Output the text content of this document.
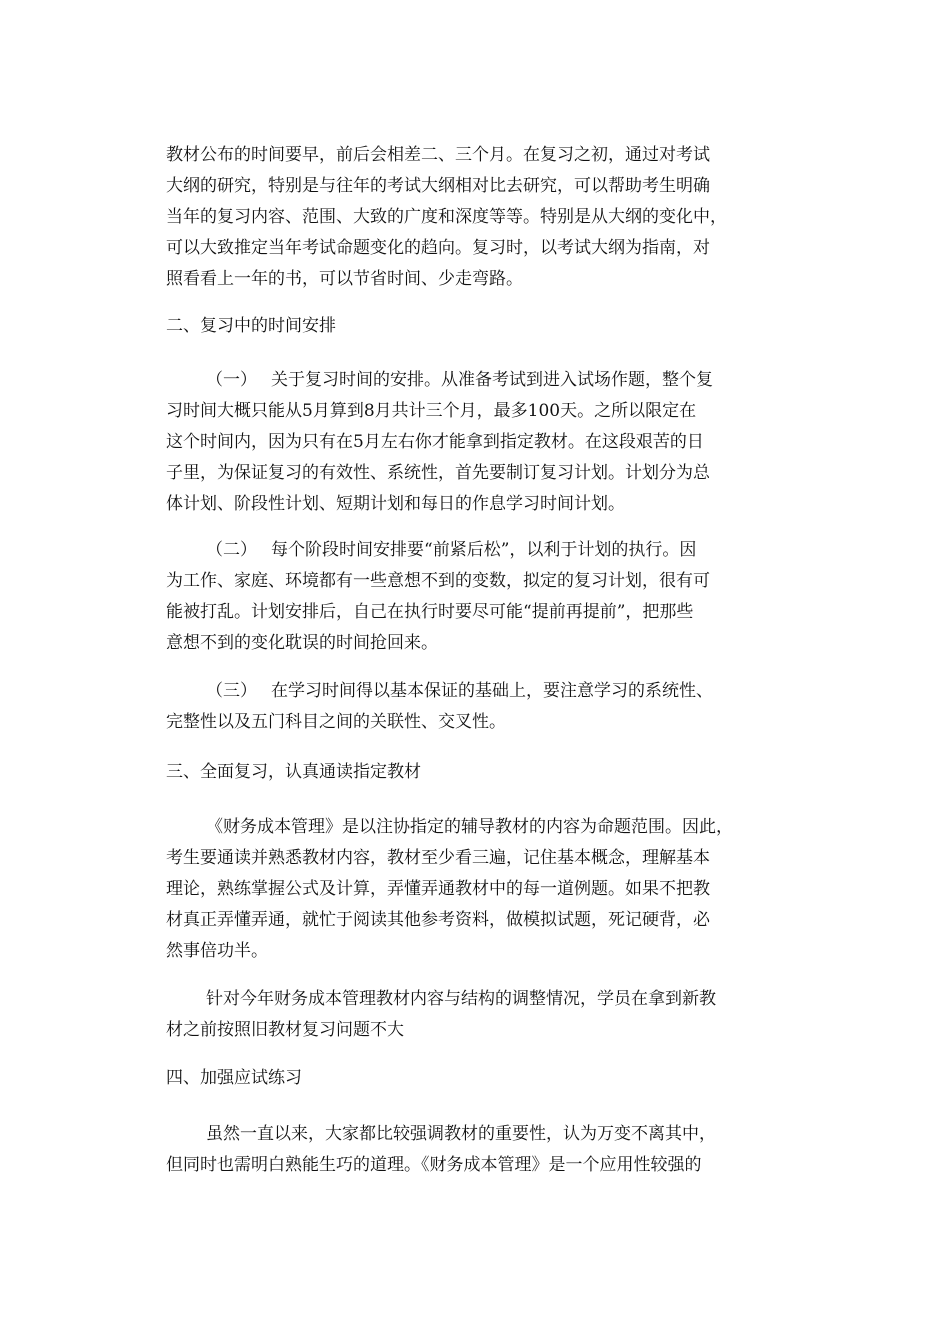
教材公布的时间要早，前后会相差二、三个月。在复习之初，通过对考试
大纲的研究，特别是与往年的考试大纲相对比去研究，可以帮助考生明确
当年的复习内容、范围、大致的广度和深度等等。特别是从大纲的变化中，
可以大致推定当年考试命题变化的趋向。复习时，以考试大纲为指南，对
照看看上一年的书，可以节省时间、少走弯路。
二、复习中的时间安排
（一） 关于复习时间的安排。从准备考试到进入试场作题，整个复
习时间大概只能从5月算到8月共计三个月，最多100天。之所以限定在
这个时间内，因为只有在5月左右你才能拿到指定教材。在这段艰苦的日
子里，为保证复习的有效性、系统性，首先要制订复习计划。计划分为总
体计划、阶段性计划、短期计划和每日的作息学习时间计划。
（二） 每个阶段时间安排要“前紧后松”，以利于计划的执行。因
为工作、家庭、环境都有一些意想不到的变数，拟定的复习计划，很有可
能被打乱。计划安排后，自己在执行时要尽可能“提前再提前”，把那些
意想不到的变化耽误的时间抢回来。
（三） 在学习时间得以基本保证的基础上，要注意学习的系统性、
完整性以及五门科目之间的关联性、交叉性。
三、全面复习，认真通读指定教材
《财务成本管理》是以注协指定的辅导教材的内容为命题范围。因此，
考生要通读并熟悉教材内容，教材至少看三遍，记住基本概念，理解基本
理论，熟练掌握公式及计算，弄懂弄通教材中的每一道例题。如果不把教
材真正弄懂弄通，就忙于阅读其他参考资料，做模拟试题，死记硬背，必
然事倍功半。
针对今年财务成本管理教材内容与结构的调整情况，学员在拿到新教
材之前按照旧教材复习问题不大
四、加强应试练习
虽然一直以来，大家都比较强调教材的重要性，认为万变不离其中，
但同时也需明白熟能生巧的道理。《财务成本管理》是一个应用性较强的
